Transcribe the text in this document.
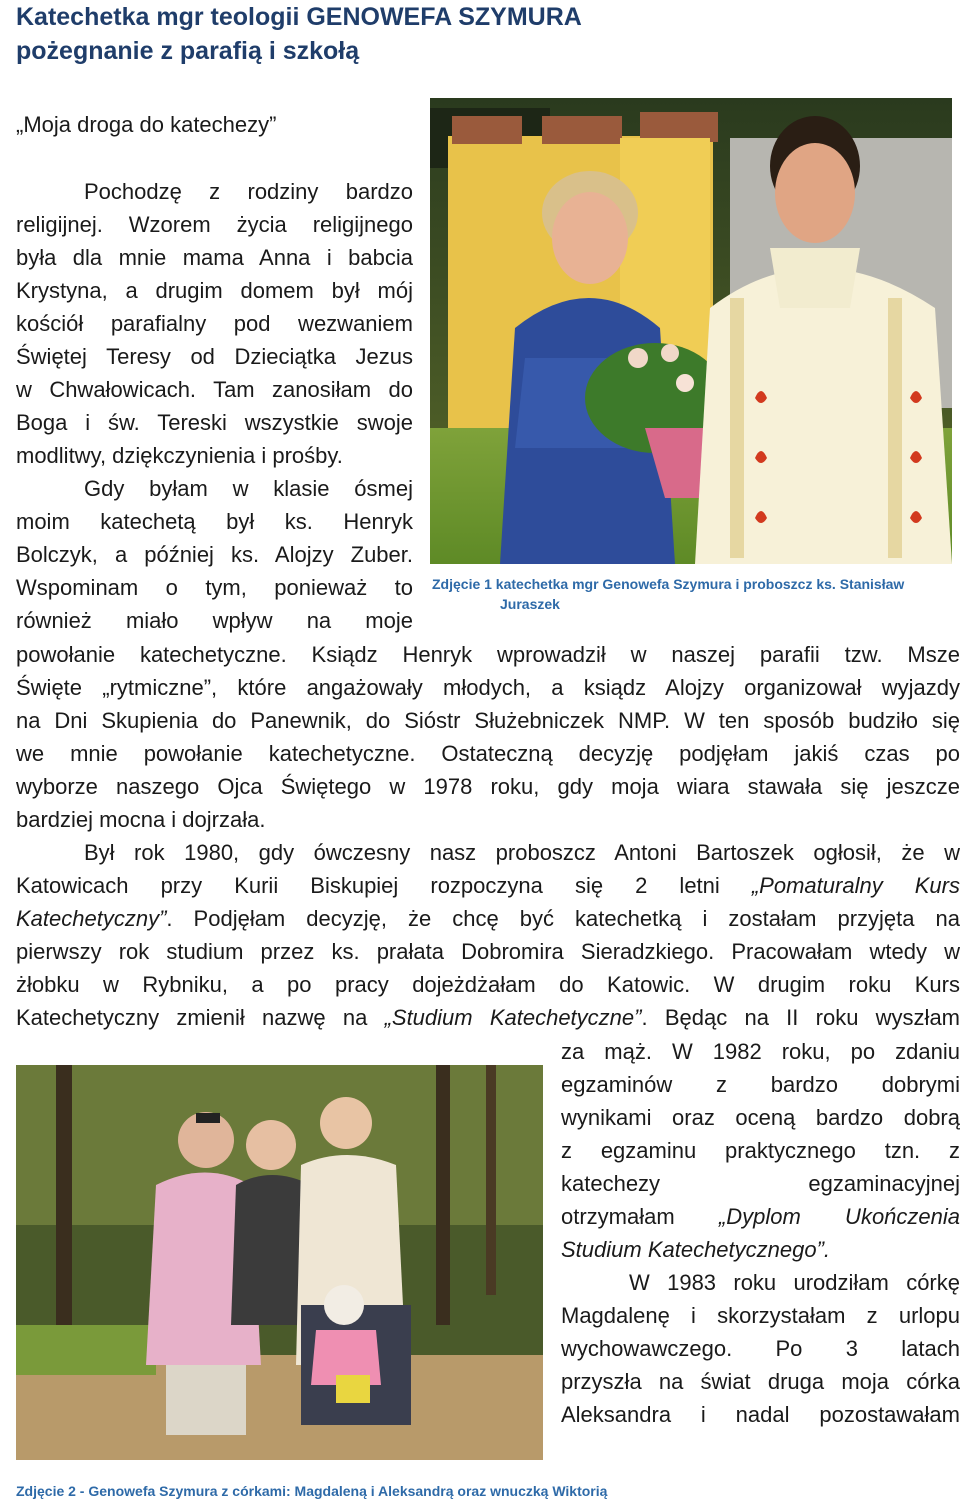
Katechetka mgr teologii GENOWEFA SZYMURA
pożegnanie z parafią i szkołą
„Moja droga do katechezy”
Pochodzę z rodziny bardzo
religijnej. Wzorem życia religijnego
była dla mnie mama Anna i babcia
Krystyna, a drugim domem był mój
kościół parafialny pod wezwaniem
Świętej Teresy od Dzieciątka Jezus
w Chwałowicach. Tam zanosiłam do
Boga i św. Tereski wszystkie swoje
modlitwy, dziękczynienia i prośby.
Gdy byłam w klasie ósmej
moim katechetą był ks. Henryk
Bolczyk, a później ks. Alojzy Zuber.
Wspominam o tym, ponieważ to
również miało wpływ na moje
Zdjęcie 1 katechetka mgr Genowefa Szymura i proboszcz ks. Stanisław
Juraszek
powołanie katechetyczne. Ksiądz Henryk wprowadził w naszej parafii tzw. Msze
Święte „rytmiczne”, które angażowały młodych, a ksiądz Alojzy organizował wyjazdy
na Dni Skupienia do Panewnik, do Sióstr Służebniczek NMP. W ten sposób budziło się
we mnie powołanie katechetyczne. Ostateczną decyzję podjęłam jakiś czas po
wyborze naszego Ojca Świętego w 1978 roku, gdy moja wiara stawała się jeszcze
bardziej mocna i dojrzała.
Był rok 1980, gdy ówczesny nasz proboszcz Antoni Bartoszek ogłosił, że w
Katowicach przy Kurii Biskupiej rozpoczyna się 2 letni „Pomaturalny Kurs
Katechetyczny”. Podjęłam decyzję, że chcę być katechetką i zostałam przyjęta na
pierwszy rok studium przez ks. prałata Dobromira Sieradzkiego. Pracowałam wtedy w
żłobku w Rybniku, a po pracy dojeżdżałam do Katowic. W drugim roku Kurs
Katechetyczny zmienił nazwę na „Studium Katechetyczne”. Będąc na II roku wyszłam
za mąż. W 1982 roku, po zdaniu
egzaminów z bardzo dobrymi
wynikami oraz oceną bardzo dobrą
z egzaminu praktycznego tzn. z
katechezy egzaminacyjnej
otrzymałam „Dyplom Ukończenia
Studium Katechetycznego”.
W 1983 roku urodziłam córkę
Magdalenę i skorzystałam z urlopu
wychowawczego. Po 3 latach
przyszła na świat druga moja córka
Aleksandra i nadal pozostawałam
Zdjęcie 2 - Genowefa Szymura z córkami: Magdaleną i Aleksandrą oraz wnuczką Wiktorią
